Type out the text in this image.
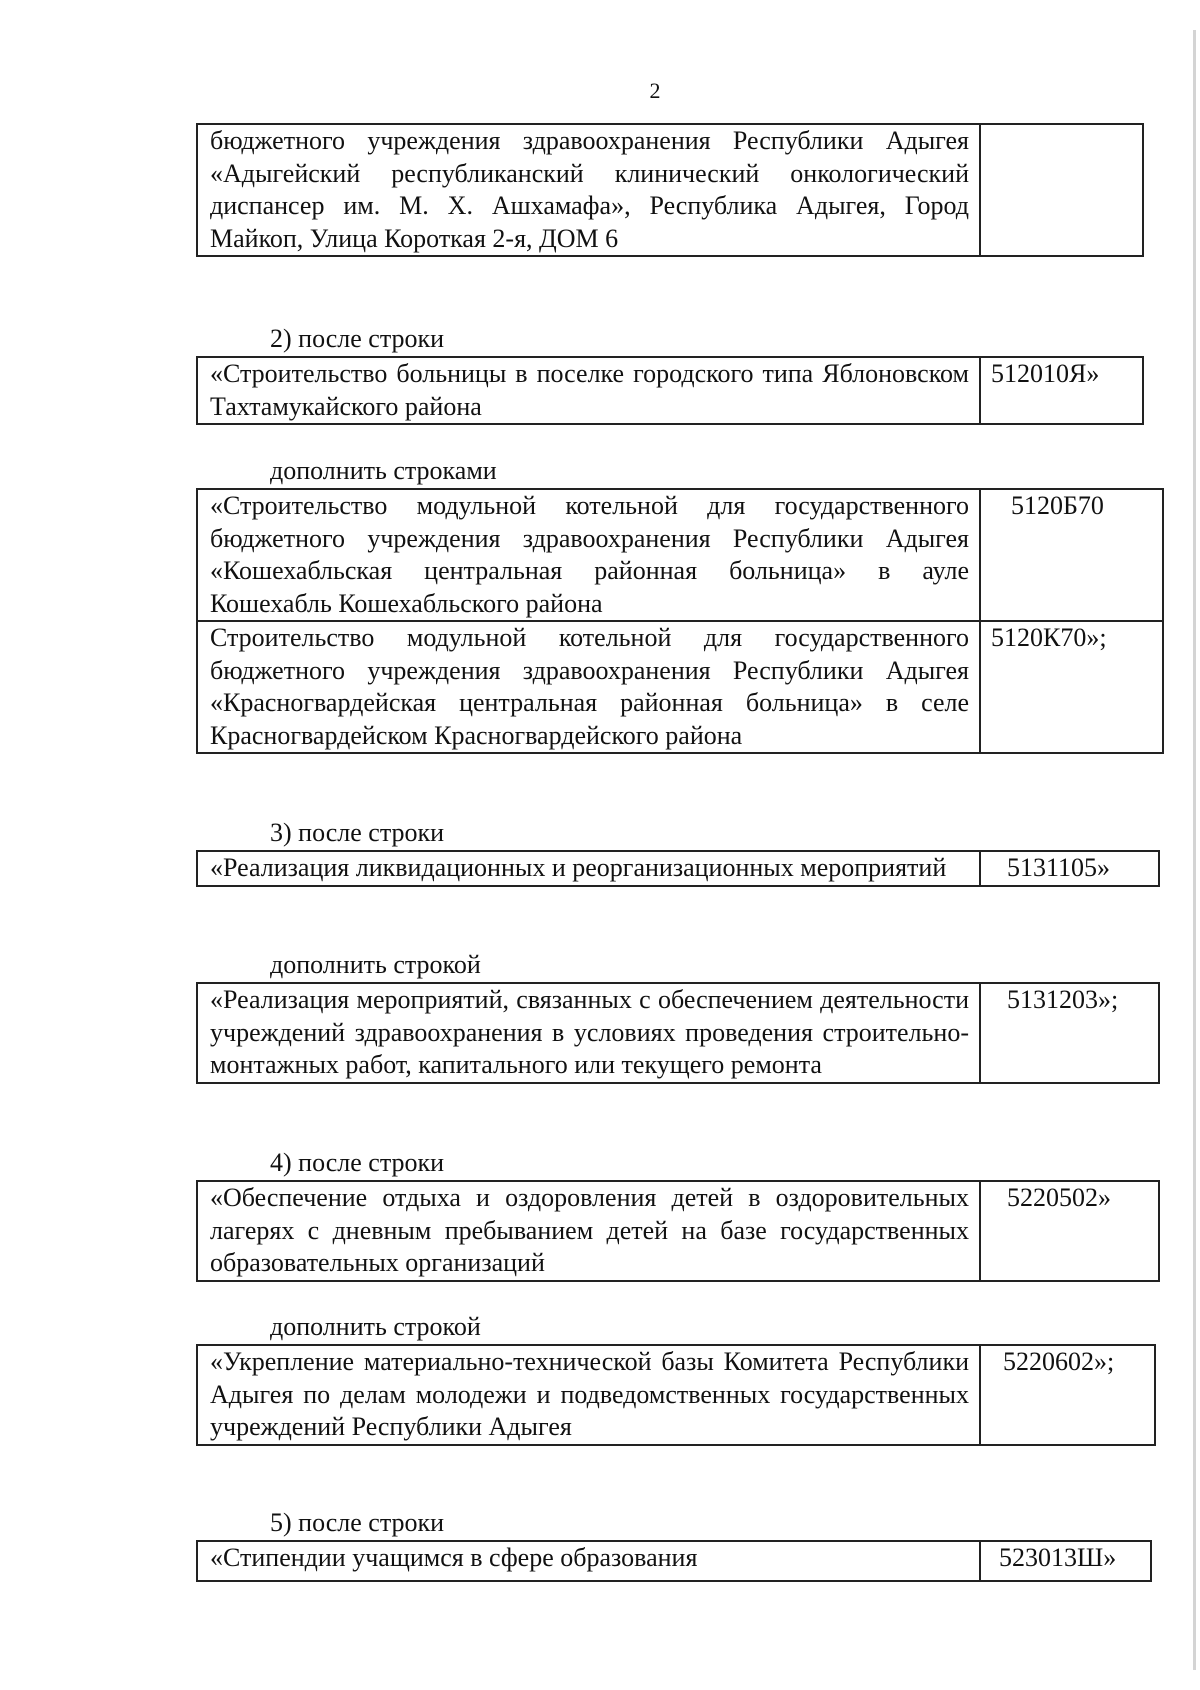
2
бюджетного учреждения здравоохранения Республики Адыгея «Адыгейский республиканский клинический онкологический диспансер им. М. Х. Ашхамафа», Республика Адыгея, Город Майкоп, Улица Короткая 2-я, ДОМ 6	
2) после строки
«Строительство больницы в поселке городского типа Яблоновском Тахтамукайского района	512010Я»
дополнить строками
«Строительство модульной котельной для государственного бюджетного учреждения здравоохранения Республики Адыгея «Кошехабльская центральная районная больница» в ауле Кошехабль Кошехабльского района	5120Б70
Строительство модульной котельной для государственного бюджетного учреждения здравоохранения Республики Адыгея «Красногвардейская центральная районная больница» в селе Красногвардейском Красногвардейского района	5120К70»;
3) после строки
«Реализация ликвидационных и реорганизационных мероприятий	5131105»
дополнить строкой
«Реализация мероприятий, связанных с обеспечением деятельности учреждений здравоохранения в условиях проведения строительно-монтажных работ, капитального или текущего ремонта	5131203»;
4) после строки
«Обеспечение отдыха и оздоровления детей в оздоровительных лагерях с дневным пребыванием детей на базе государственных образовательных организаций	5220502»
дополнить строкой
«Укрепление материально-технической базы Комитета Республики Адыгея по делам молодежи и подведомственных государственных учреждений Республики Адыгея	5220602»;
5) после строки
«Стипендии учащимся в сфере образования	523013Ш»
